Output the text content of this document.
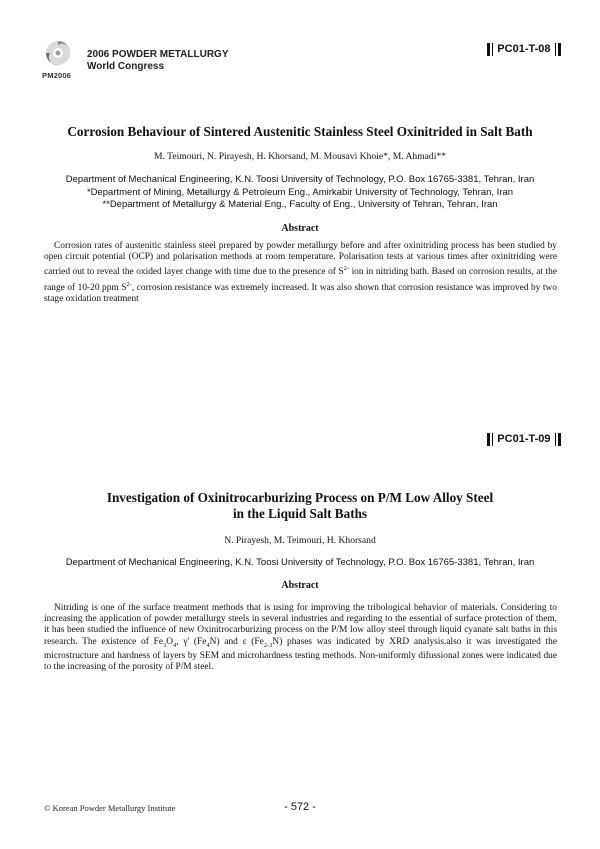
PM2006
2006 POWDER METALLURGY
World Congress
PC01-T-08
Corrosion Behaviour of Sintered Austenitic Stainless Steel Oxinitrided in Salt Bath
M. Teimouri, N. Pirayesh, H. Khorsand, M. Mousavi Khoie*, M. Ahmadi**
Department of Mechanical Engineering, K.N. Toosi University of Technology, P.O. Box 16765-3381, Tehran, Iran
*Department of Mining, Metallurgy & Petroleum Eng., Amirkabir University of Technology, Tehran, Iran
**Department of Metallurgy & Material Eng., Faculty of Eng., University of Tehran, Tehran, Iran
Abstract
Corrosion rates of austenitic stainless steel prepared by powder metallurgy before and after oxinitriding process has been studied by open circuit potential (OCP) and polarisation methods at room temperature. Polarisation tests at various times after oxinitriding were carried out to reveal the oxided layer change with time due to the presence of $S^{2-}$ ion in nitriding bath. Based on corrosion results, at the range of 10-20 ppm $S^{2-}$, corrosion resistance was extremely increased. It was also shown that corrosion resistance was improved by two stage oxidation treatment
PC01-T-09
Investigation of Oxinitrocarburizing Process on P/M Low Alloy Steel
in the Liquid Salt Baths
N. Pirayesh, M. Teimouri, H. Khorsand
Department of Mechanical Engineering, K.N. Toosi University of Technology, P.O. Box 16765-3381, Tehran, Iran
Abstract
Nitriding is one of the surface treatment methods that is using for improving the tribological behavior of materials. Considering to increasing the application of powder metallurgy steels in several industries and regarding to the essential of surface protection of them, it has been studied the influence of new Oxinitrocarburizing process on the P/M low alloy steel through liquid cyanate salt baths in this research. The existence of $Fe_3O_4$, γ' $(Fe_4N)$ and ε $(Fe_{2-3}N)$ phases was indicated by XRD analysis.also it was investigated the microstructure and hardness of layers by SEM and microhardness testing methods. Non-uniformly difussional zones were indicated due to the increasing of the porosity of P/M steel.
© Korean Powder Metallurgy Institute	- 572 -
